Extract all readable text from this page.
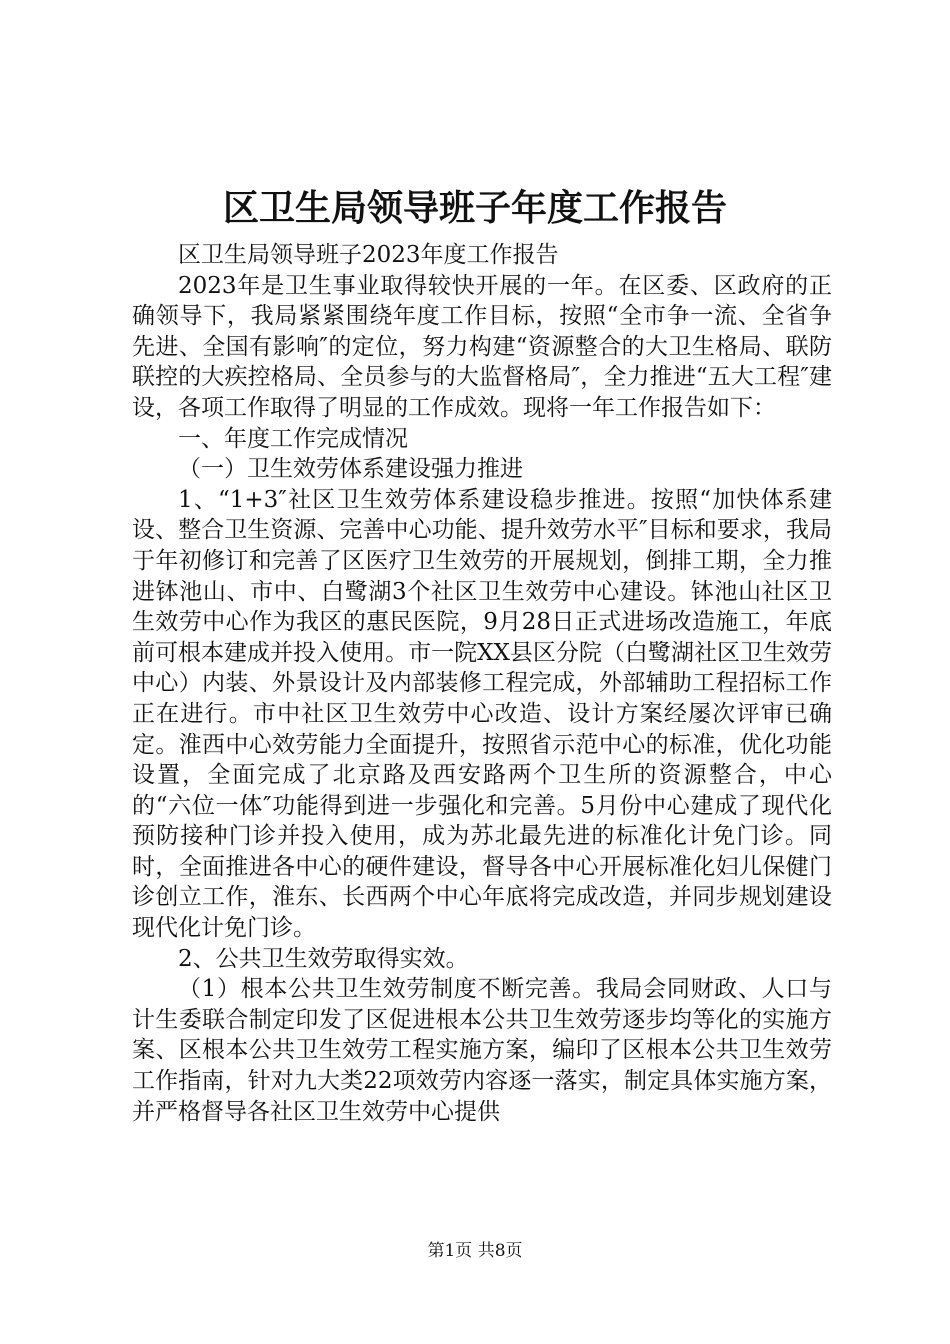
区卫生局领导班子年度工作报告

区卫生局领导班子2023年度工作报告

2023年是卫生事业取得较快开展的一年。在区委、区政府的正确领导下，我局紧紧围绕年度工作目标，按照“全市争一流、全省争先进、全国有影响″的定位，努力构建“资源整合的大卫生格局、联防联控的大疾控格局、全员参与的大监督格局″，全力推进“五大工程″建设，各项工作取得了明显的工作成效。现将一年工作报告如下：

一、年度工作完成情况

（一）卫生效劳体系建设强力推进

1、“1+3″社区卫生效劳体系建设稳步推进。按照“加快体系建设、整合卫生资源、完善中心功能、提升效劳水平″目标和要求，我局于年初修订和完善了区医疗卫生效劳的开展规划，倒排工期，全力推进钵池山、市中、白鹭湖3个社区卫生效劳中心建设。钵池山社区卫生效劳中心作为我区的惠民医院，9月28日正式进场改造施工，年底前可根本建成并投入使用。市一院XX县区分院（白鹭湖社区卫生效劳中心）内装、外景设计及内部装修工程完成，外部辅助工程招标工作正在进行。市中社区卫生效劳中心改造、设计方案经屡次评审已确定。淮西中心效劳能力全面提升，按照省示范中心的标准，优化功能设置，全面完成了北京路及西安路两个卫生所的资源整合，中心的“六位一体″功能得到进一步强化和完善。5月份中心建成了现代化预防接种门诊并投入使用，成为苏北最先进的标准化计免门诊。同时，全面推进各中心的硬件建设，督导各中心开展标准化妇儿保健门诊创立工作，淮东、长西两个中心年底将完成改造，并同步规划建设现代化计免门诊。

2、公共卫生效劳取得实效。

（1）根本公共卫生效劳制度不断完善。我局会同财政、人口与计生委联合制定印发了区促进根本公共卫生效劳逐步均等化的实施方案、区根本公共卫生效劳工程实施方案，编印了区根本公共卫生效劳工作指南，针对九大类22项效劳内容逐一落实，制定具体实施方案，并严格督导各社区卫生效劳中心提供

第1页 共8页
